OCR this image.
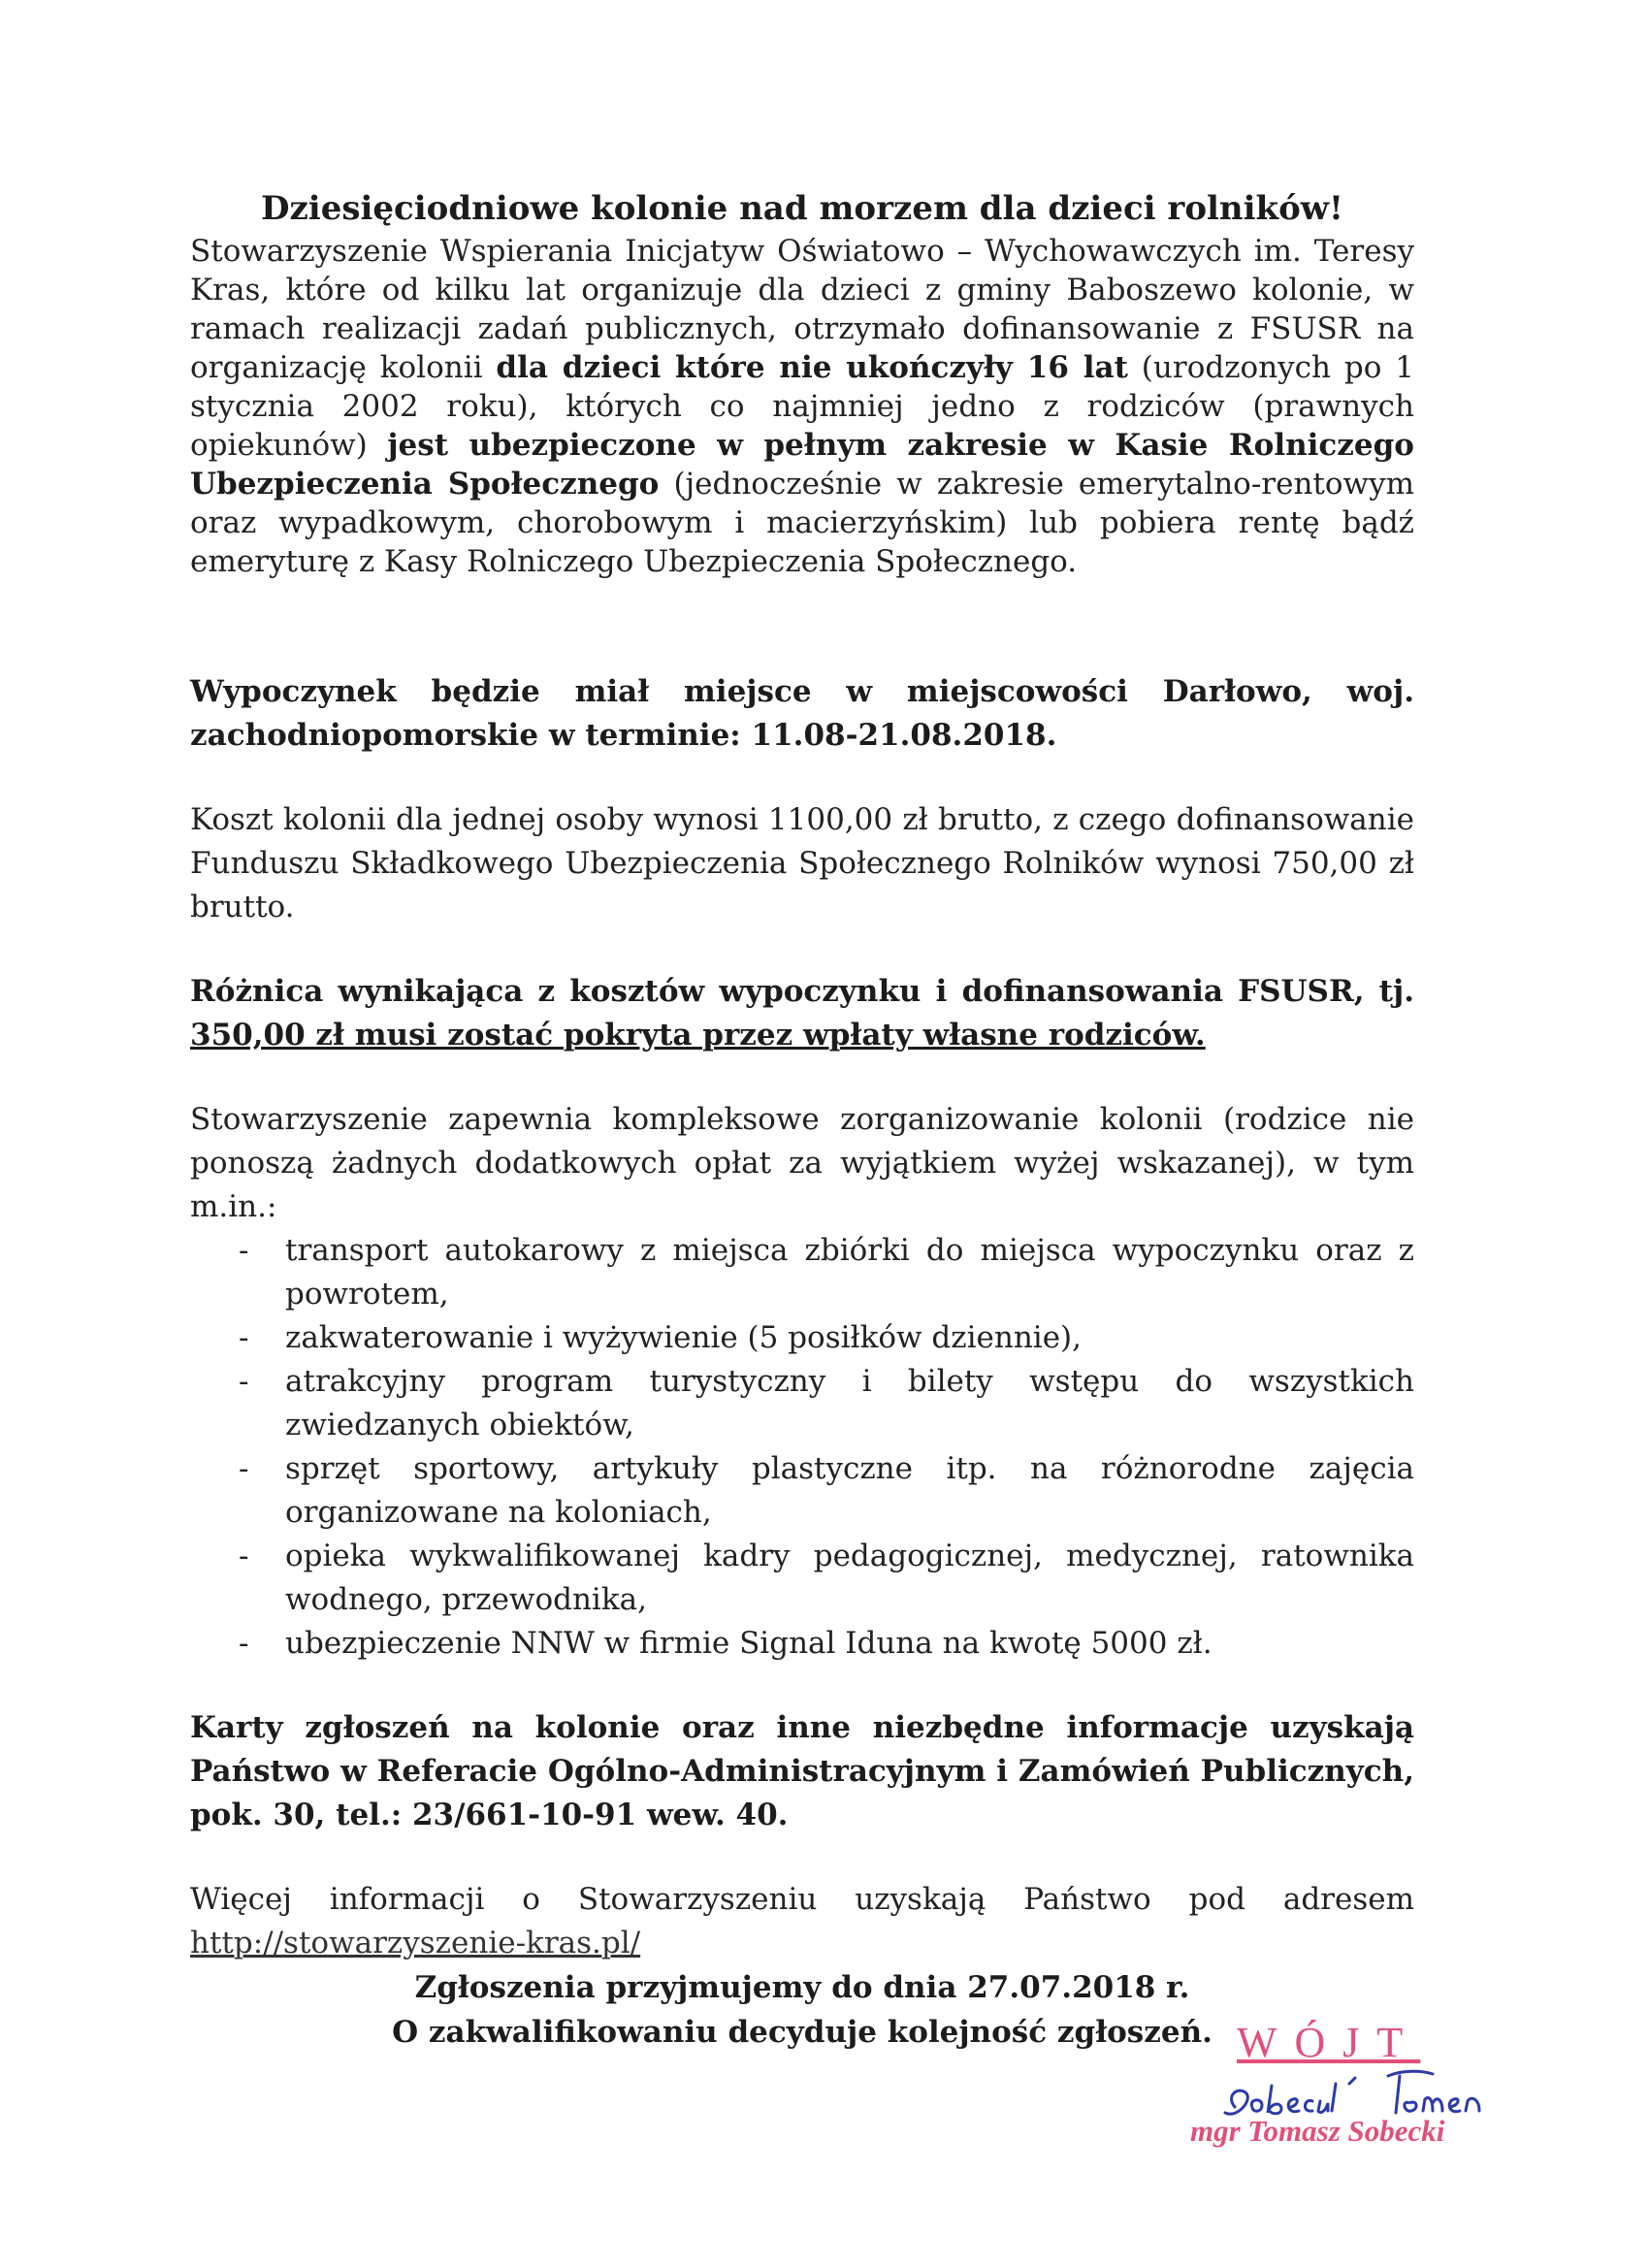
Dziesięciodniowe kolonie nad morzem dla dzieci rolników!

Stowarzyszenie Wspierania Inicjatyw Oświatowo – Wychowawczych im. Teresy Kras, które od kilku lat organizuje dla dzieci z gminy Baboszewo kolonie, w ramach realizacji zadań publicznych, otrzymało dofinansowanie z FSUSR na organizację kolonii dla dzieci które nie ukończyły 16 lat (urodzonych po 1 stycznia 2002 roku), których co najmniej jedno z rodziców (prawnych opiekunów) jest ubezpieczone w pełnym zakresie w Kasie Rolniczego Ubezpieczenia Społecznego (jednocześnie w zakresie emerytalno-rentowym oraz wypadkowym, chorobowym i macierzyńskim) lub pobiera rentę bądź emeryturę z Kasy Rolniczego Ubezpieczenia Społecznego.

Wypoczynek będzie miał miejsce w miejscowości Darłowo, woj. zachodniopomorskie w terminie: 11.08-21.08.2018.

Koszt kolonii dla jednej osoby wynosi 1100,00 zł brutto, z czego dofinansowanie Funduszu Składkowego Ubezpieczenia Społecznego Rolników wynosi 750,00 zł brutto.

Różnica wynikająca z kosztów wypoczynku i dofinansowania FSUSR, tj. 350,00 zł musi zostać pokryta przez wpłaty własne rodziców.

Stowarzyszenie zapewnia kompleksowe zorganizowanie kolonii (rodzice nie ponoszą żadnych dodatkowych opłat za wyjątkiem wyżej wskazanej), w tym m.in.:

- transport autokarowy z miejsca zbiórki do miejsca wypoczynku oraz z powrotem,
- zakwaterowanie i wyżywienie (5 posiłków dziennie),
- atrakcyjny program turystyczny i bilety wstępu do wszystkich zwiedzanych obiektów,
- sprzęt sportowy, artykuły plastyczne itp. na różnorodne zajęcia organizowane na koloniach,
- opieka wykwalifikowanej kadry pedagogicznej, medycznej, ratownika wodnego, przewodnika,
- ubezpieczenie NNW w firmie Signal Iduna na kwotę 5000 zł.

Karty zgłoszeń na kolonie oraz inne niezbędne informacje uzyskają Państwo w Referacie Ogólno-Administracyjnym i Zamówień Publicznych, pok. 30, tel.: 23/661-10-91 wew. 40.

Więcej informacji o Stowarzyszeniu uzyskają Państwo pod adresem http://stowarzyszenie-kras.pl/

Zgłoszenia przyjmujemy do dnia 27.07.2018 r.

O zakwalifikowaniu decyduje kolejność zgłoszeń. WÓJT
mgr Tomasz Sobecki
